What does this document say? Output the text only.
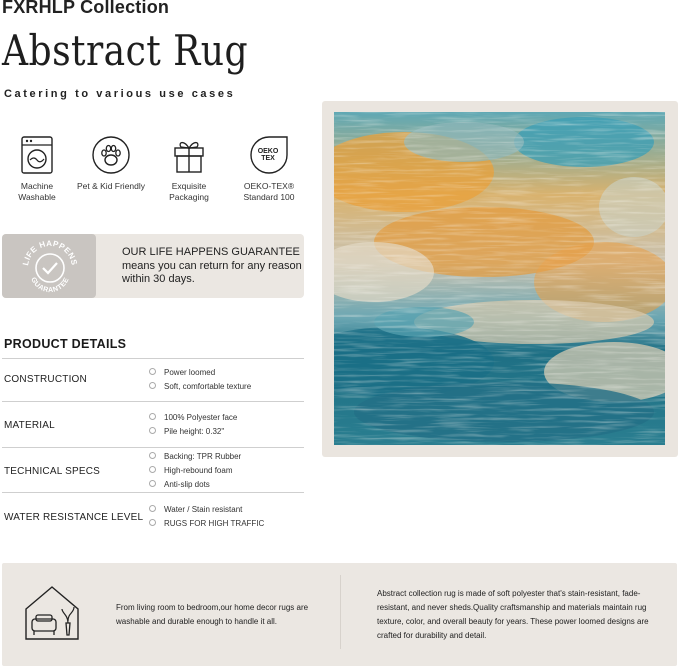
FXRHLP Collection
Abstract Rug
Catering to various use cases
Machine Washable
Pet & Kid Friendly	Exquisite Packaging
OEKO
TEX
OEKO-TEX® Standard 100
LIFE HAPPENS
GUARANTEE
OUR LIFE HAPPENS GUARANTEE
means you can return for any reason within 30 days.
PRODUCT DETAILS
CONSTRUCTION
Power loomed
Soft, comfortable texture
MATERIAL
100% Polyester face
Pile height: 0.32"
TECHNICAL SPECS
Backing: TPR Rubber
High-rebound foam
Anti-slip dots
WATER RESISTANCE LEVEL
Water / Stain resistant
RUGS FOR HIGH TRAFFIC
From living room to bedroom,our home decor rugs are washable and durable enough to handle it all.
Abstract collection rug is made of soft polyester that's stain-resistant, fade-resistant, and never sheds.Quality craftsmanship and materials maintain rug texture, color, and overall beauty for years. These power loomed designs are crafted for durability and detail.
